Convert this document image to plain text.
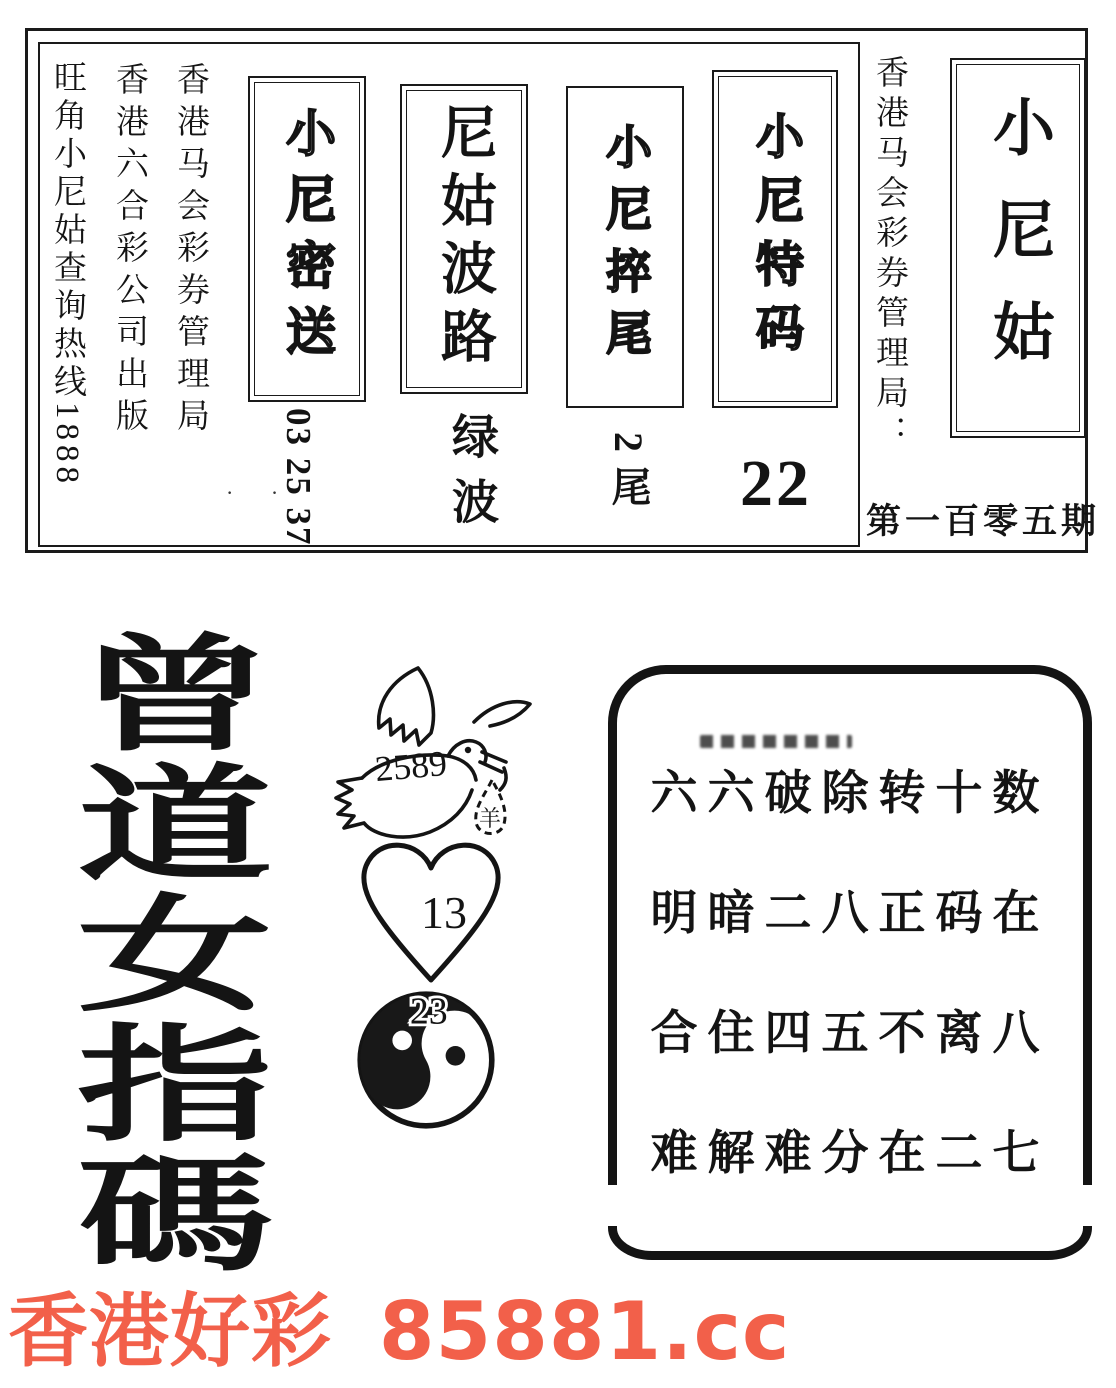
旺角小尼姑查询热线1888 香港六合彩公司出版 香港马会彩券管理局 小尼密送
03 25 37
尼姑波路
绿波
小尼捽尾
2尾
小尼特码
22
· ·
香港马会彩券管理局： 小尼姑
第一百零五期
曾道女指碼	羊
2589
13
23
六六破除转十数
明暗二八正码在
合住四五不离八
难解难分在二七
香港好彩 85881.cc
